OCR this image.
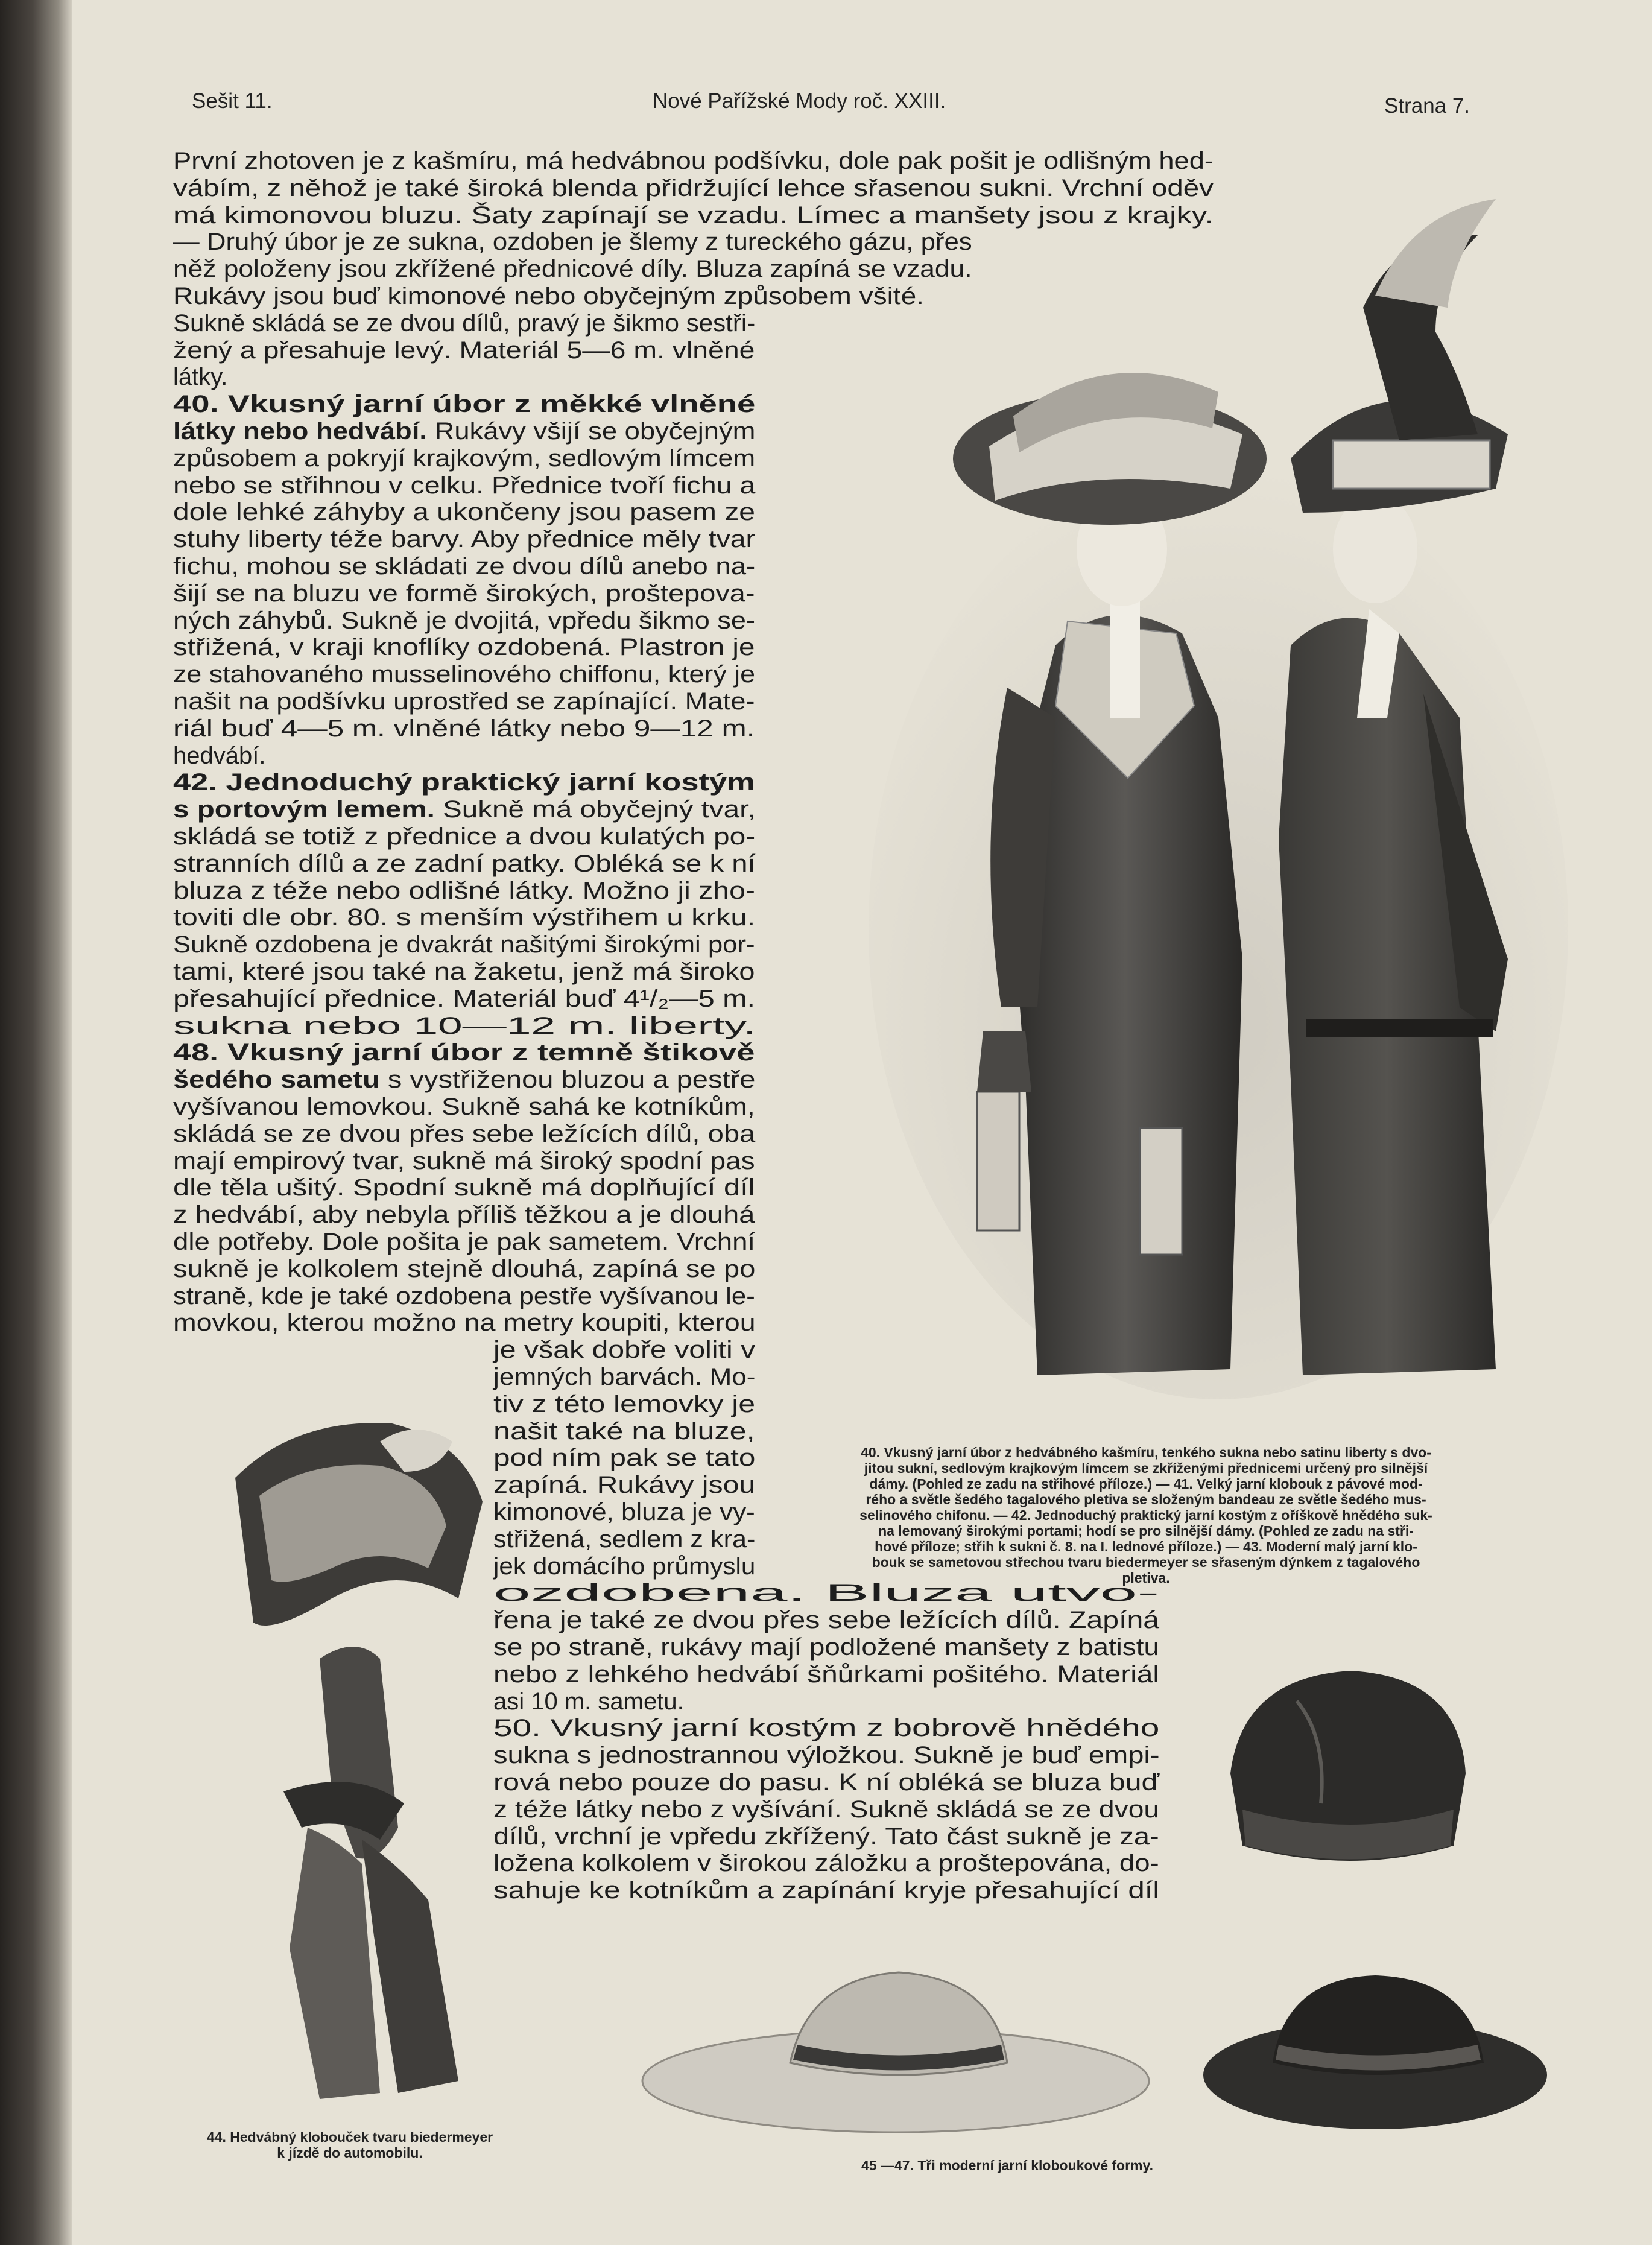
Sešit 11.	Nové Pařížské Mody roč. XXIII.	Strana 7.
První zhotoven je z kašmíru, má hedvábnou podšívku, dole pak pošit je odlišným hed-
vábím, z něhož je také široká blenda přidržující lehce sřasenou sukni. Vrchní oděv
má kimonovou bluzu. Šaty zapínají se vzadu. Límec a manšety jsou z krajky.
— Druhý úbor je ze sukna, ozdoben je šlemy z tureckého gázu, přes
něž položeny jsou zkřížené přednicové díly. Bluza zapíná se vzadu.
Rukávy jsou buď kimonové nebo obyčejným způsobem všité.
Sukně skládá se ze dvou dílů, pravý je šikmo sestři-
žený a přesahuje levý. Materiál 5—6 m. vlněné
látky.
40. Vkusný jarní úbor z měkké vlněné
látky nebo hedvábí. Rukávy všijí se obyčejným
způsobem a pokryjí krajkovým, sedlovým límcem
nebo se střihnou v celku. Přednice tvoří fichu a
dole lehké záhyby a ukončeny jsou pasem ze
stuhy liberty téže barvy. Aby přednice měly tvar
fichu, mohou se skládati ze dvou dílů anebo na-
šijí se na bluzu ve formě širokých, proštepova-
ných záhybů. Sukně je dvojitá, vpředu šikmo se-
střižená, v kraji knoflíky ozdobená. Plastron je
ze stahovaného musselinového chiffonu, který je
našit na podšívku uprostřed se zapínající. Mate-
riál buď 4—5 m. vlněné látky nebo 9—12 m.
hedvábí.
42. Jednoduchý praktický jarní kostým
s portovým lemem. Sukně má obyčejný tvar,
skládá se totiž z přednice a dvou kulatých po-
stranních dílů a ze zadní patky. Obléká se k ní
bluza z téže nebo odlišné látky. Možno ji zho-
toviti dle obr. 80. s menším výstřihem u krku.
Sukně ozdobena je dvakrát našitými širokými por-
tami, které jsou také na žaketu, jenž má široko
přesahující přednice. Materiál buď 4¹/₂—5 m.
sukna nebo 10—12 m. liberty.
48. Vkusný jarní úbor z temně štikově
šedého sametu s vystřiženou bluzou a pestře
vyšívanou lemovkou. Sukně sahá ke kotníkům,
skládá se ze dvou přes sebe ležících dílů, oba
mají empirový tvar, sukně má široký spodní pas
dle těla ušitý. Spodní sukně má doplňující díl
z hedvábí, aby nebyla příliš těžkou a je dlouhá
dle potřeby. Dole pošita je pak sametem. Vrchní
sukně je kolkolem stejně dlouhá, zapíná se po
straně, kde je také ozdobena pestře vyšívanou le-
movkou, kterou možno na metry koupiti, kterou
je však dobře voliti v
jemných barvách. Mo-
tiv z této lemovky je
našit také na bluze,
pod ním pak se tato
zapíná. Rukávy jsou
kimonové, bluza je vy-
střižená, sedlem z kra-
jek domácího průmyslu
ozdobena. Bluza utvo-
řena je také ze dvou přes sebe ležících dílů. Zapíná
se po straně, rukávy mají podložené manšety z batistu
nebo z lehkého hedvábí šňůrkami pošitého. Materiál
asi 10 m. sametu.
50. Vkusný jarní kostým z bobrově hnědého
sukna s jednostrannou výložkou. Sukně je buď empi-
rová nebo pouze do pasu. K ní obléká se bluza buď
z téže látky nebo z vyšívání. Sukně skládá se ze dvou
dílů, vrchní je vpředu zkřížený. Tato část sukně je za-
ložena kolkolem v širokou záložku a proštepována, do-
sahuje ke kotníkům a zapínání kryje přesahující díl
40. Vkusný jarní úbor z hedvábného kašmíru, tenkého sukna nebo satinu liberty s dvo-
jitou sukní, sedlovým krajkovým límcem se zkříženými přednicemi určený pro silnější
dámy. (Pohled ze zadu na střihové příloze.) — 41. Velký jarní klobouk z pávové mod-
rého a světle šedého tagalového pletiva se složeným bandeau ze světle šedého mus-
selinového chifonu. — 42. Jednoduchý praktický jarní kostým z oříškově hnědého suk-
na lemovaný širokými portami; hodí se pro silnější dámy. (Pohled ze zadu na stři-
hové příloze; střih k sukni č. 8. na I. lednové příloze.) — 43. Moderní malý jarní klo-
bouk se sametovou střechou tvaru biedermeyer se sřaseným dýnkem z tagalového
pletiva.
44. Hedvábný klobouček tvaru biedermeyer
k jízdě do automobilu.
45 —47. Tři moderní jarní kloboukové formy.
